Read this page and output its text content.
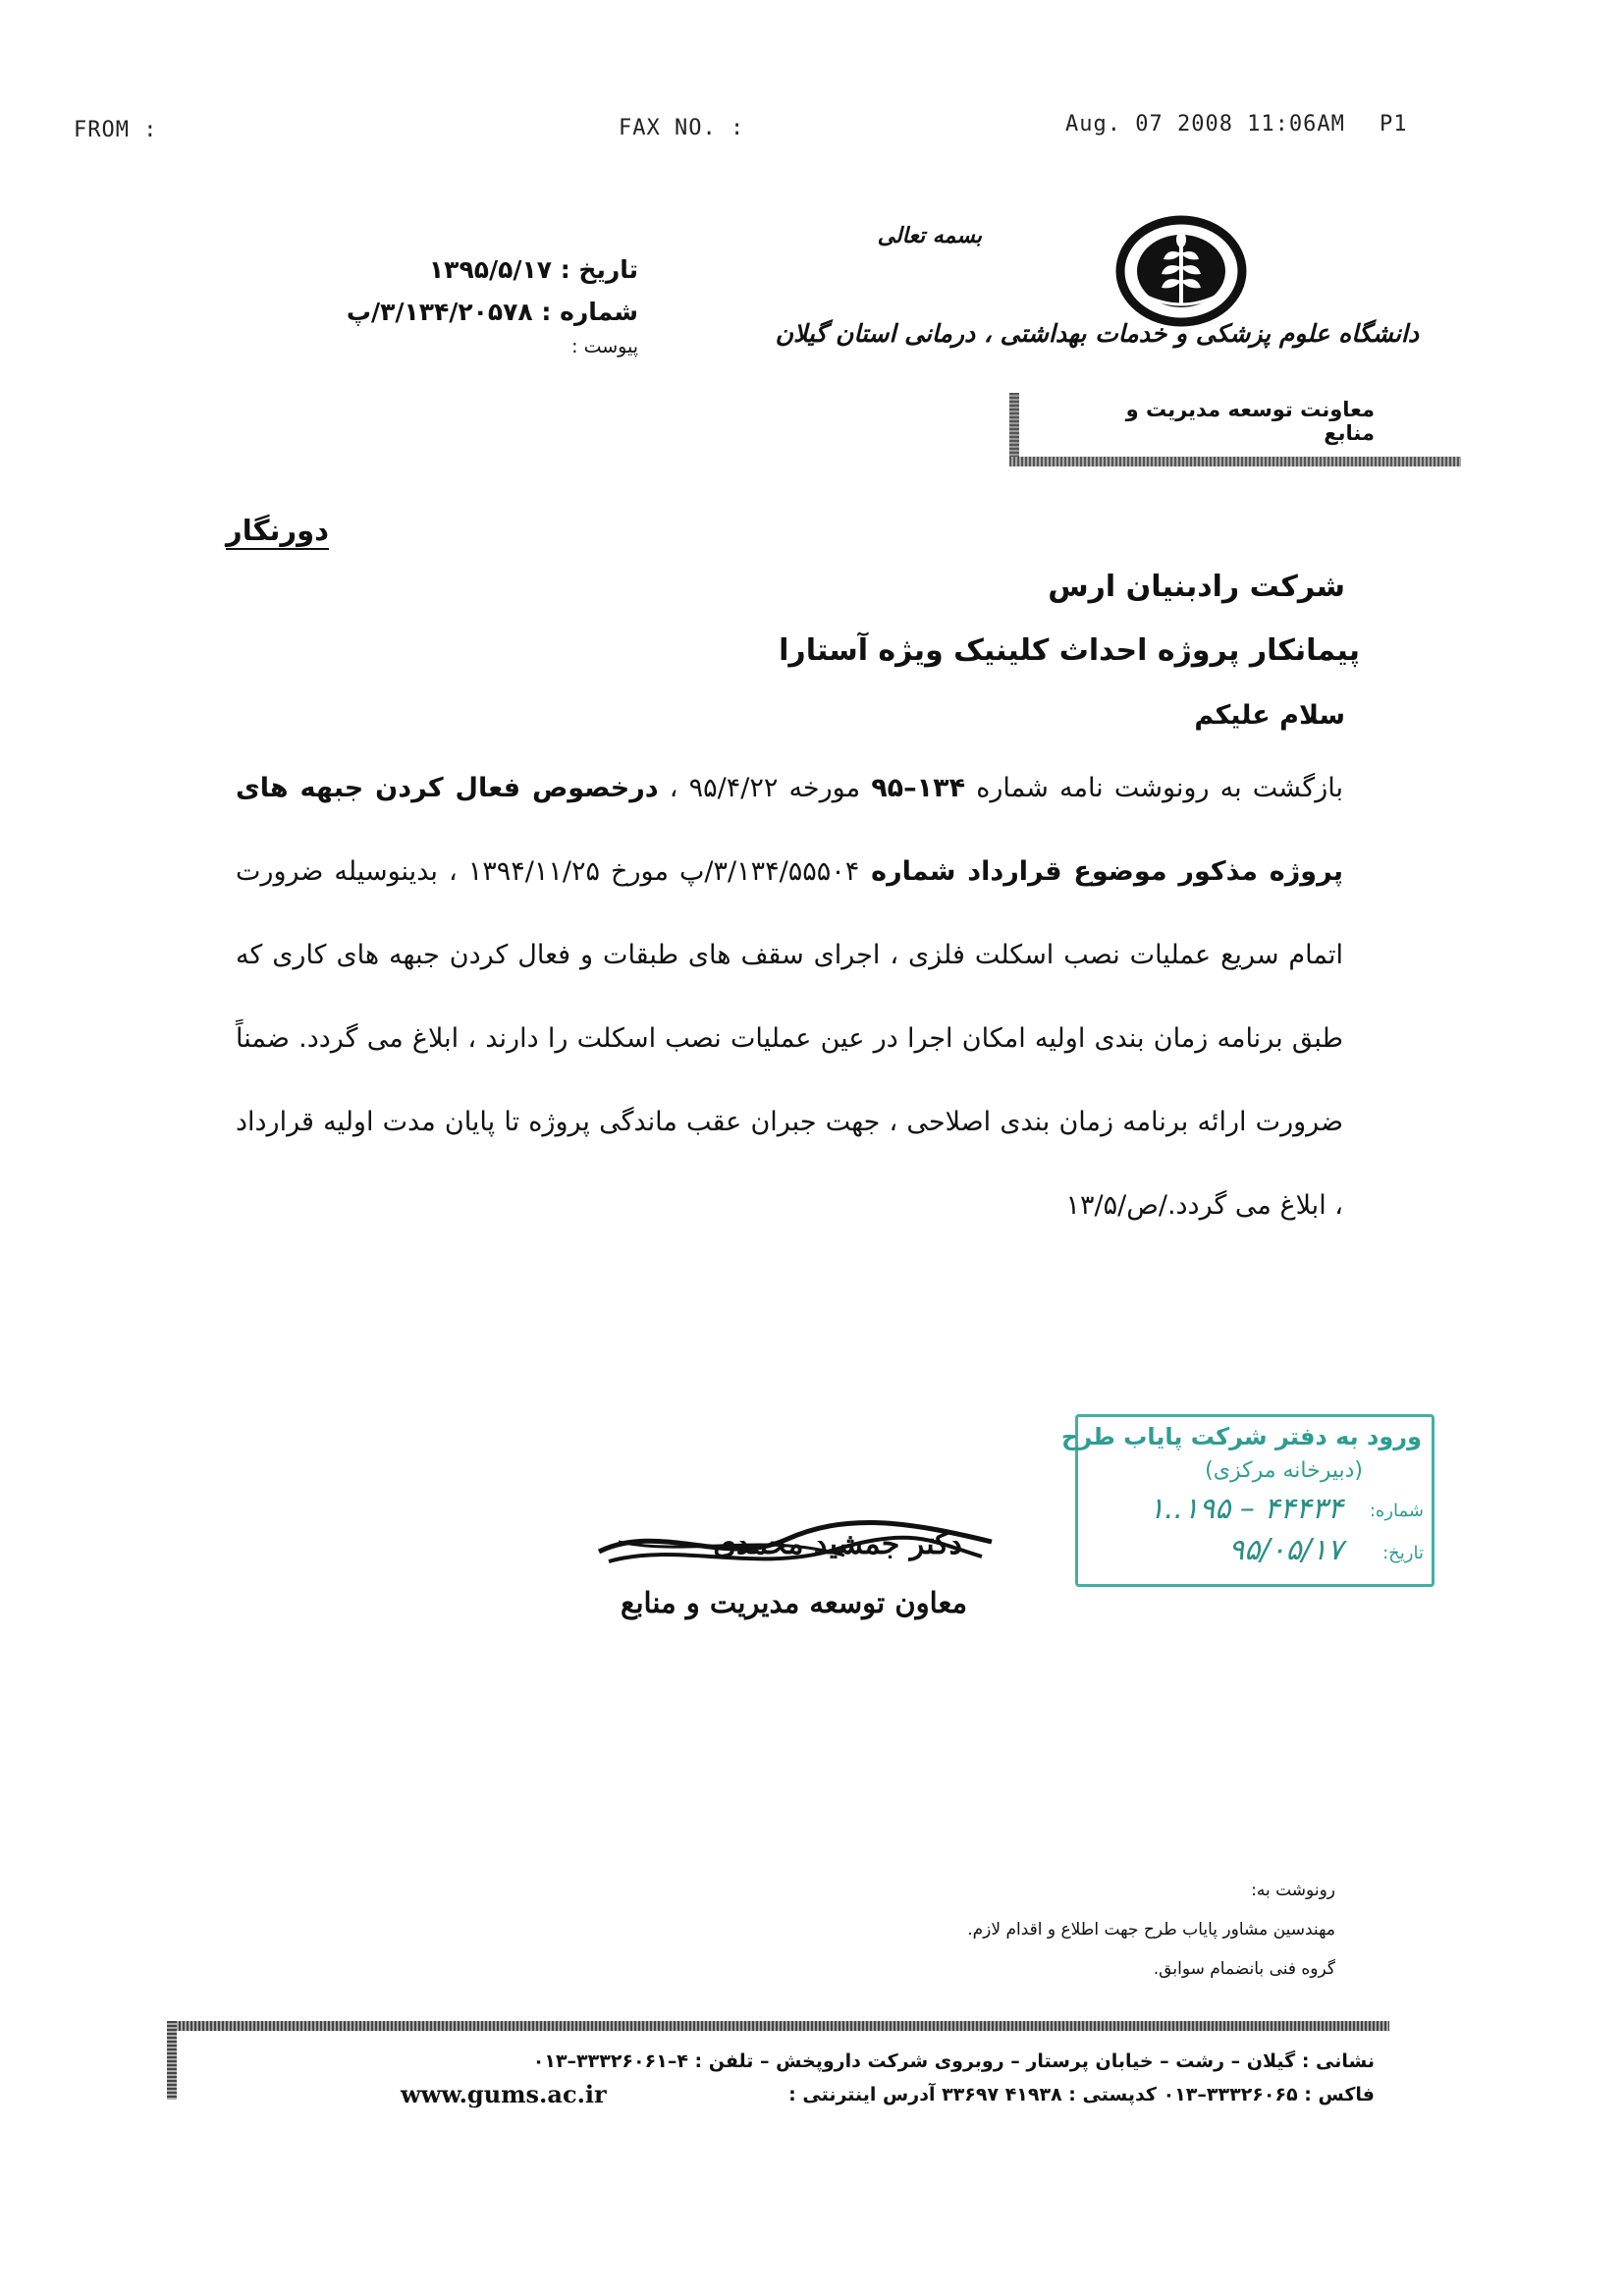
FROM :	FAX NO. :	Aug. 07 2008 11:06AM P1
بسمه تعالی
دانشگاه علوم پزشکی و خدمات بهداشتی ، درمانی استان گیلان
معاونت توسعه مدیریت و منابع
تاریخ : ۱۳۹۵/۵/۱۷
شماره : ۳/۱۳۴/۲۰۵۷۸/پ
پیوست :
دورنگار
شرکت رادبنیان ارس
پیمانکار پروژه احداث کلینیک ویژه آستارا
سلام علیکم
بازگشت به رونوشت نامه شماره ۱۳۴–۹۵ مورخه ۹۵/۴/۲۲ ، درخصوص فعال کردن جبهه های پروژه مذکور موضوع قرارداد شماره ۳/۱۳۴/۵۵۵۰۴/پ مورخ ۱۳۹۴/۱۱/۲۵ ، بدینوسیله ضرورت اتمام سریع عملیات نصب اسکلت فلزی ، اجرای سقف های طبقات و فعال کردن جبهه های کاری که طبق برنامه زمان بندی اولیه امکان اجرا در عین عملیات نصب اسکلت را دارند ، ابلاغ می گردد. ضمناً ضرورت ارائه برنامه زمان بندی اصلاحی ، جهت جبران عقب ماندگی پروژه تا پایان مدت اولیه قرارداد ، ابلاغ می گردد./ص/۱۳/۵
ورود به دفتر شرکت پایاب طرح
(دبیرخانه مرکزی)
شماره:
۱..۱۹۵ – ۴۴۴۳۴
تاریخ:
۹۵/۰۵/۱۷
دکتر جمشید محمدی
معاون توسعه مدیریت و منابع
رونوشت به:
مهندسین مشاور پایاب طرح جهت اطلاع و اقدام لازم.
گروه فنی بانضمام سوابق.
نشانی : گیلان – رشت – خیابان پرستار – روبروی شرکت داروپخش – تلفن : ۴–۳۳۳۲۶۰۶۱–۰۱۳
فاکس : ۳۳۳۲۶۰۶۵–۰۱۳ کدپستی : ۴۱۹۳۸ ۳۳۶۹۷ آدرس اینترنتی :
www.gums.ac.ir
